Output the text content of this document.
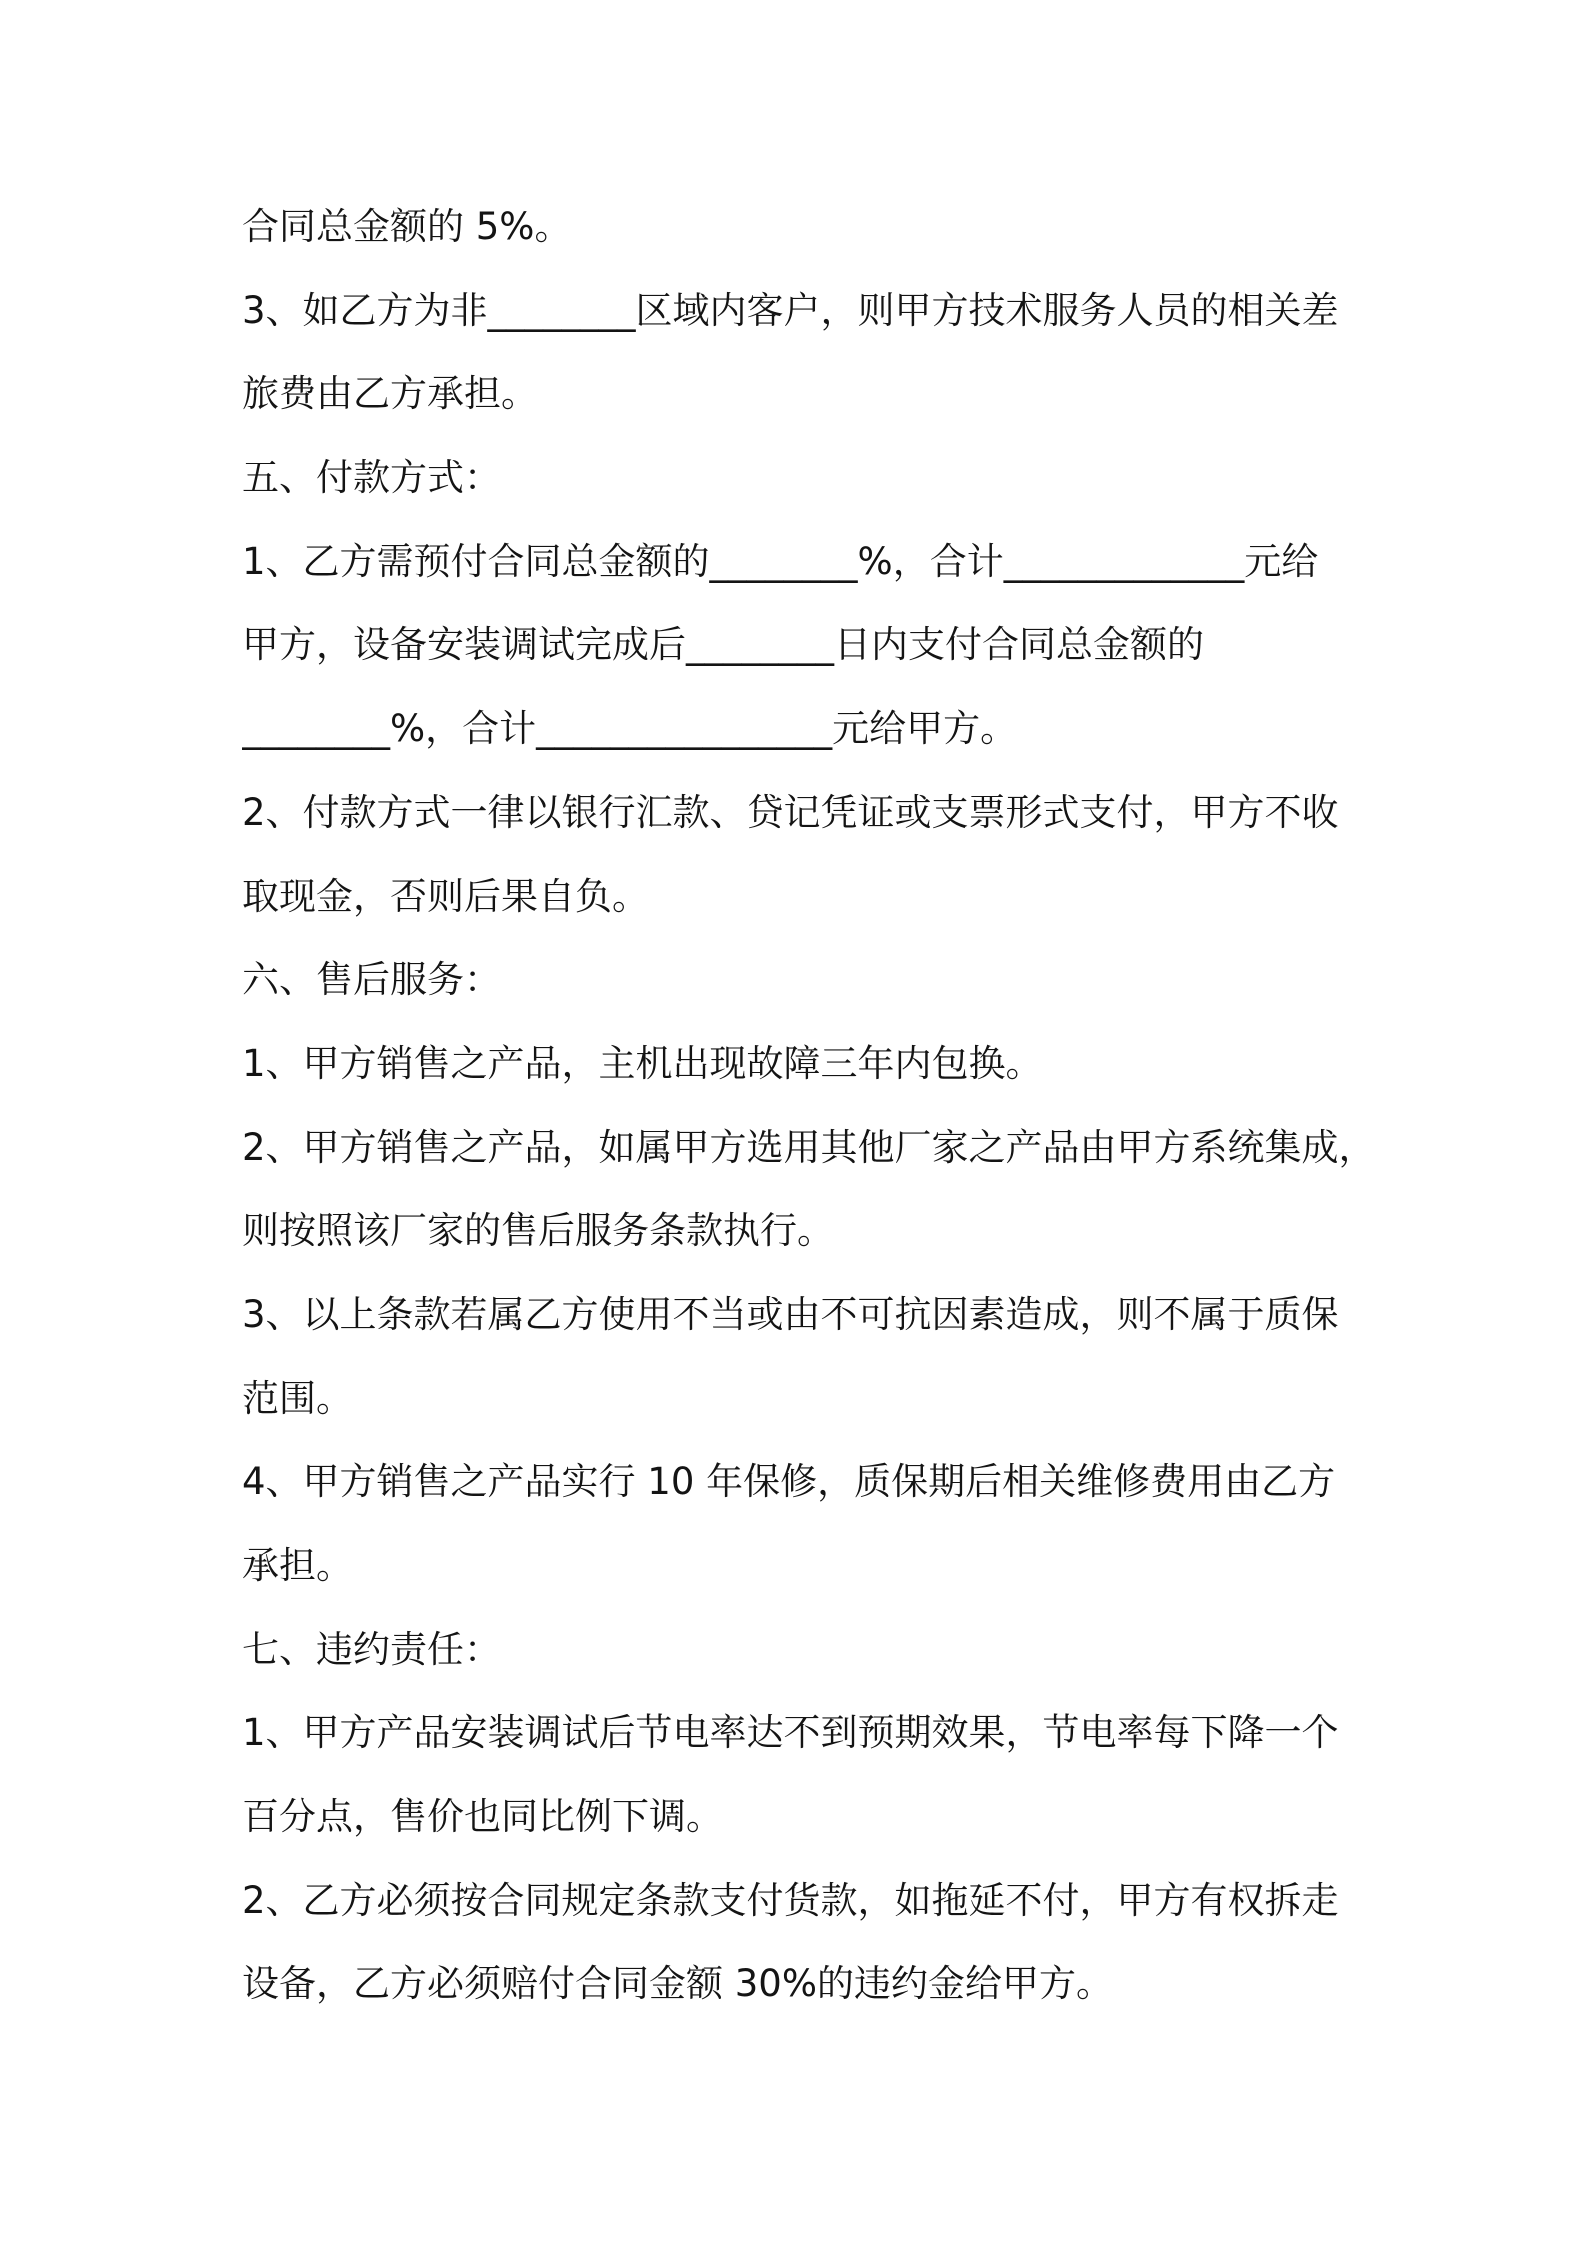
合同总金额的 5%。
3、如乙方为非________区域内客户，则甲方技术服务人员的相关差
旅费由乙方承担。
五、付款方式：
1、乙方需预付合同总金额的________%，合计_____________元给
甲方，设备安装调试完成后________日内支付合同总金额的
________%，合计________________元给甲方。
2、付款方式一律以银行汇款、贷记凭证或支票形式支付，甲方不收
取现金，否则后果自负。
六、售后服务：
1、甲方销售之产品，主机出现故障三年内包换。
2、甲方销售之产品，如属甲方选用其他厂家之产品由甲方系统集成，
则按照该厂家的售后服务条款执行。
3、以上条款若属乙方使用不当或由不可抗因素造成，则不属于质保
范围。
4、甲方销售之产品实行 10 年保修，质保期后相关维修费用由乙方
承担。
七、违约责任：
1、甲方产品安装调试后节电率达不到预期效果，节电率每下降一个
百分点，售价也同比例下调。
2、乙方必须按合同规定条款支付货款，如拖延不付，甲方有权拆走
设备，乙方必须赔付合同金额 30%的违约金给甲方。
